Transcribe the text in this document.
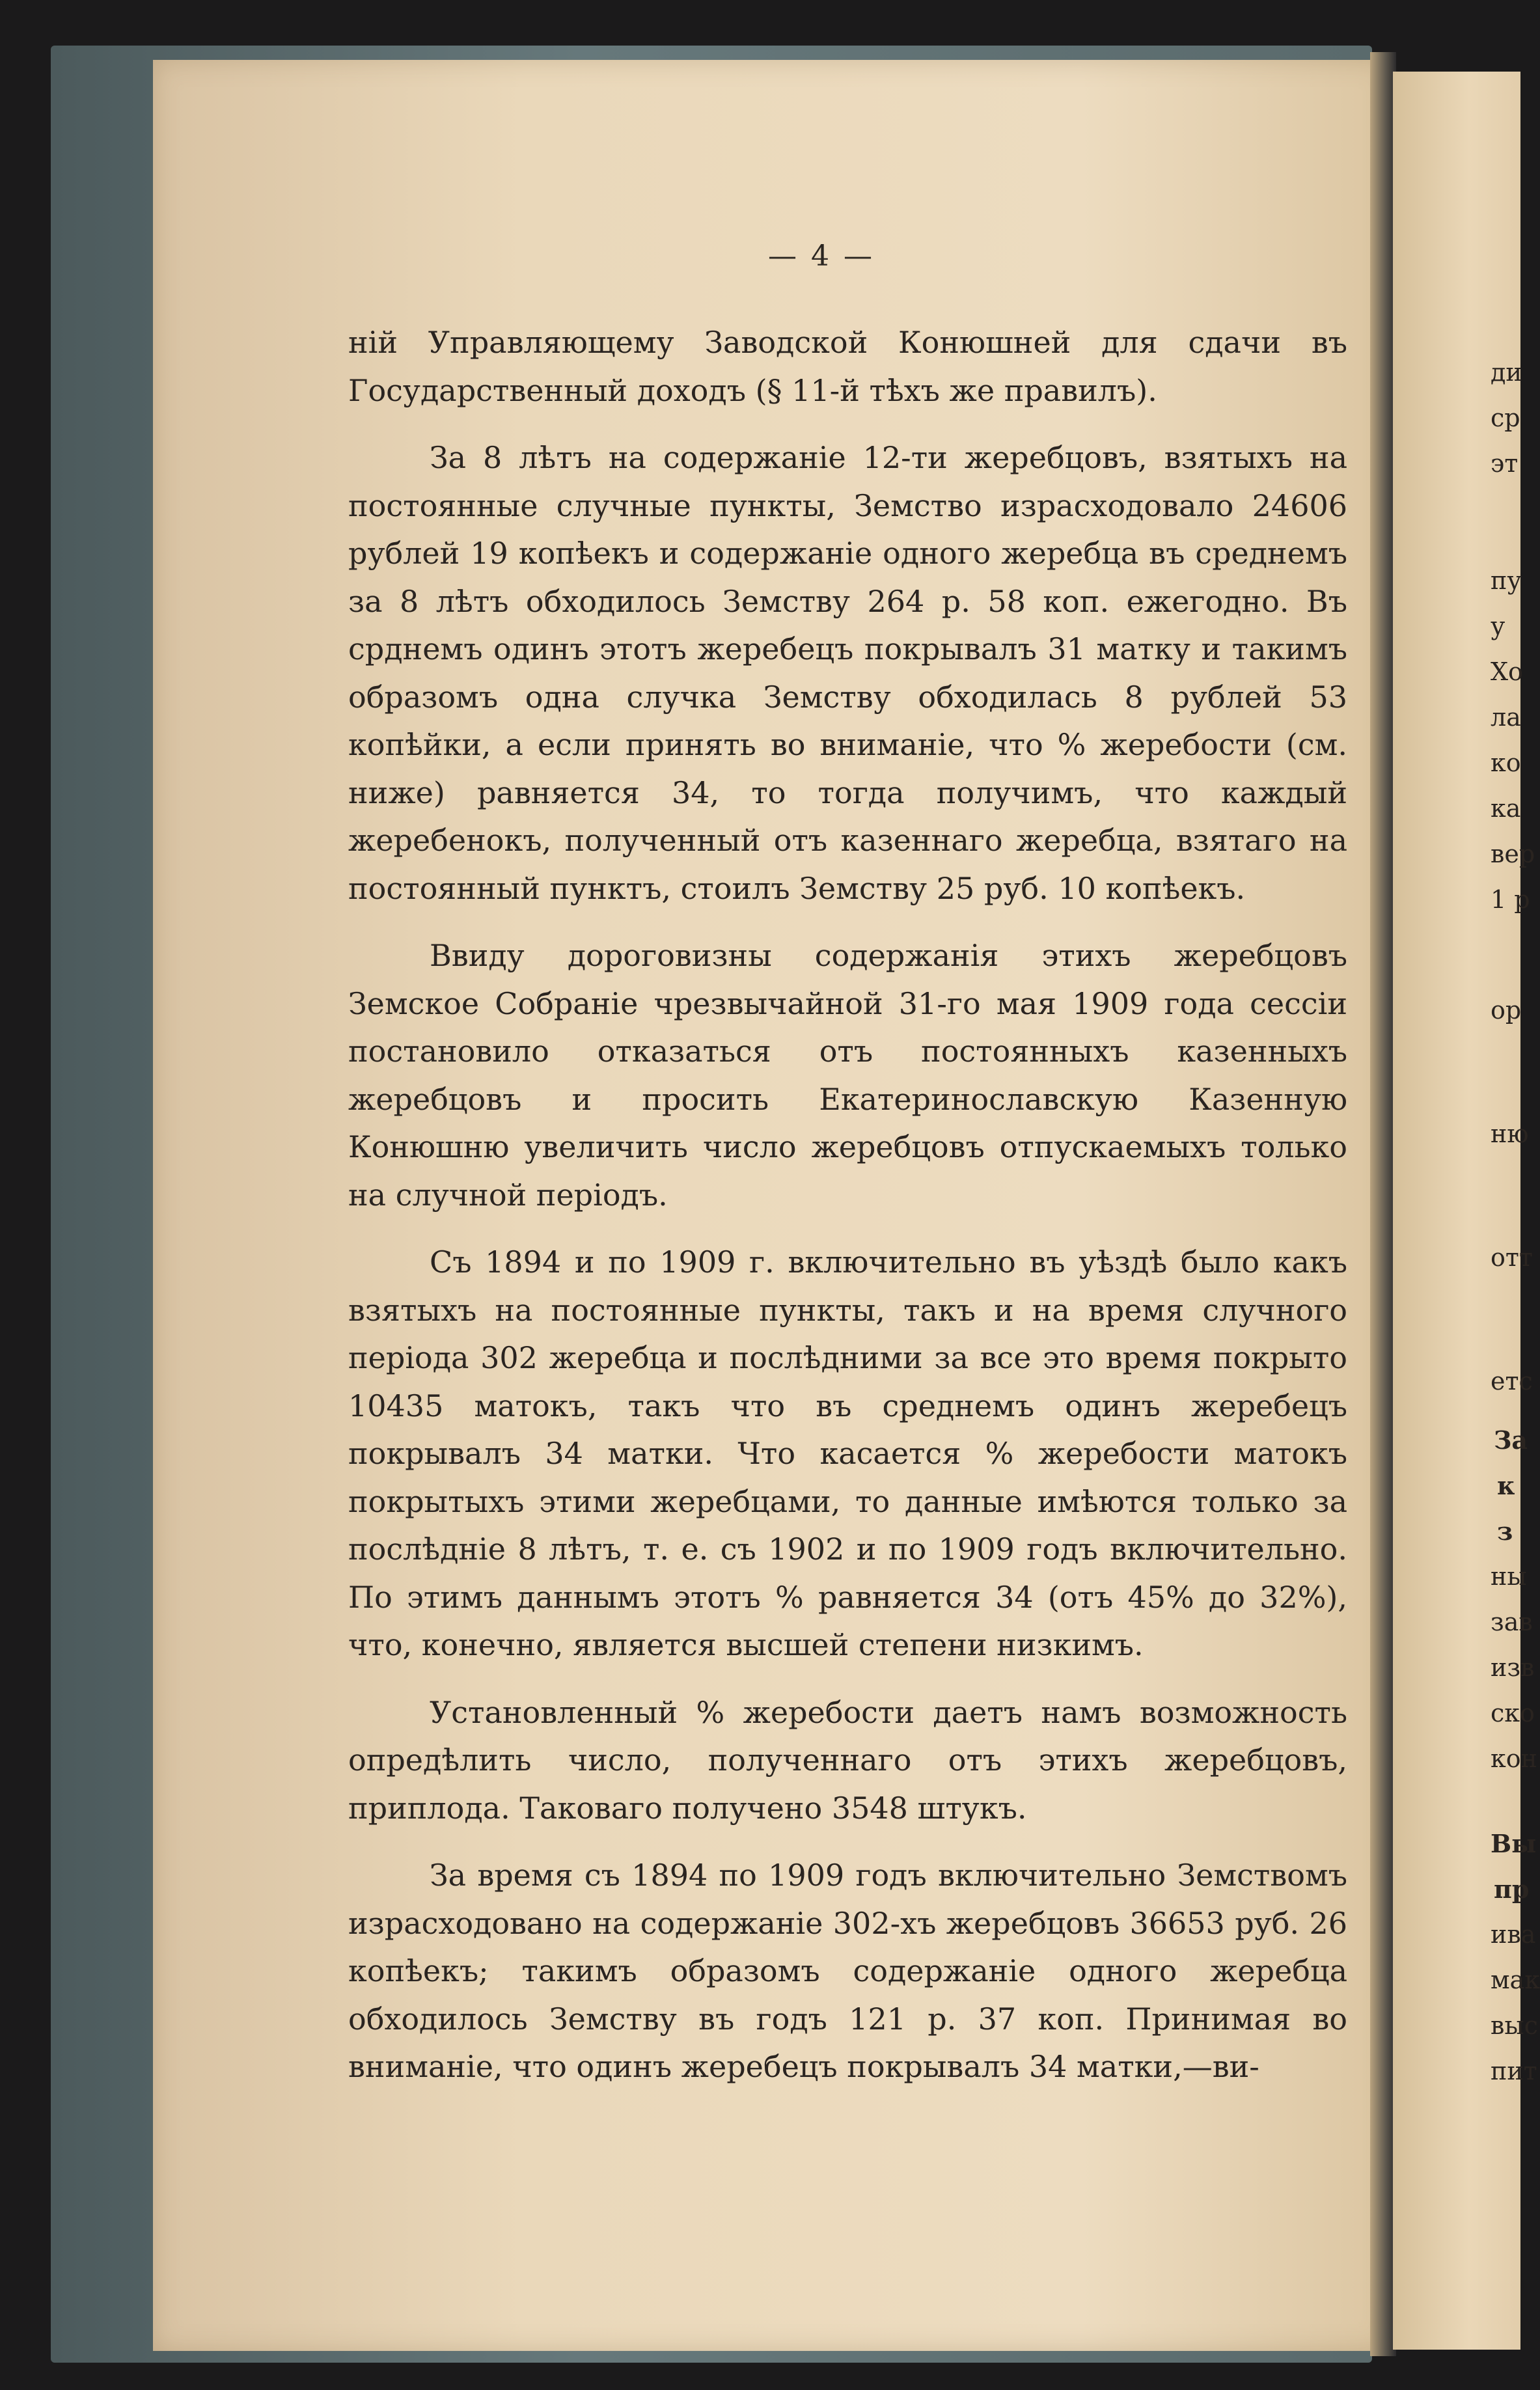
— 4 —

ній Управляющему Заводской Конюшней для сдачи въ Государственный доходъ (§ 11-й тѣхъ же правилъ).

За 8 лѣтъ на содержаніе 12-ти жеребцовъ, взятыхъ на постоянные случные пункты, Земство израсходовало 24606 рублей 19 копѣекъ и содержаніе одного жеребца въ среднемъ за 8 лѣтъ обходилось Земству 264 р. 58 коп. ежегодно. Въ срднемъ одинъ этотъ жеребецъ покрывалъ 31 матку и такимъ образомъ одна случка Земству обходилась 8 рублей 53 копѣйки, а если принять во вниманіе, что % жеребости (см. ниже) равняется 34, то тогда получимъ, что каждый жеребенокъ, полученный отъ казеннаго жеребца, взятаго на постоянный пунктъ, стоилъ Земству 25 руб. 10 копѣекъ.

Ввиду дороговизны содержанія этихъ жеребцовъ Земское Собраніе чрезвычайной 31-го мая 1909 года сессіи постановило отказаться отъ постоянныхъ казенныхъ жеребцовъ и просить Екатеринославскую Казенную Конюшню увеличить число жеребцовъ отпускаемыхъ только на случной періодъ.

Съ 1894 и по 1909 г. включительно въ уѣздѣ было какъ взятыхъ на постоянные пункты, такъ и на время случного періода 302 жеребца и послѣдними за все это время покрыто 10435 матокъ, такъ что въ среднемъ одинъ жеребецъ покрывалъ 34 матки. Что касается % жеребости матокъ покрытыхъ этими жеребцами, то данные имѣются только за послѣдніе 8 лѣтъ, т. е. съ 1902 и по 1909 годъ включительно. По этимъ даннымъ этотъ % равняется 34 (отъ 45% до 32%), что, конечно, является высшей степени низкимъ.

Установленный % жеребости даетъ намъ возможность опредѣлить число, полученнаго отъ этихъ жеребцовъ, приплода. Таковаго получено 3548 штукъ.

За время съ 1894 по 1909 годъ включительно Земствомъ израсходовано на содержаніе 302-хъ жеребцовъ 36653 руб. 26 копѣекъ; такимъ образомъ содержаніе одного жеребца обходилось Земству въ годъ 121 р. 37 коп. Принимая во вниманіе, что одинъ жеребецъ покрывалъ 34 матки,—ви-

ди
ср
эт
пу
у
Хо
ла
ко
ка
вер
1 р
ор
ню
отт
етс
За
к
з
ны
зав
изв
ско
кон
Вы
пр
ива
мак
выс
пит
